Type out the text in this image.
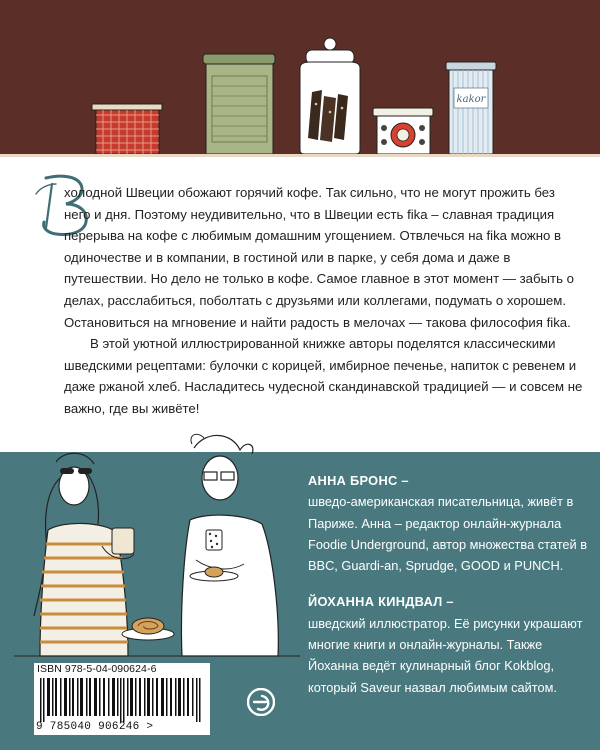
kakor

холодной Швеции обожают горячий кофе. Так сильно, что не могут прожить без него и дня. Поэтому неудивительно, что в Швеции есть fika – славная традиция перерыва на кофе с любимым домашним угощением. Отвлечься на fika можно в одиночестве и в компании, в гостиной или в парке, у себя дома и даже в путешествии. Но дело не только в кофе. Самое главное в этот момент — забыть о делах, расслабиться, поболтать с друзьями или коллегами, подумать о хорошем. Остановиться на мгновение и найти радость в мелочах — такова философия fika.

В этой уютной иллюстрированной книжке авторы поделятся классическими шведскими рецептами: булочки с корицей, имбирное печенье, напиток с ревенем и даже ржаной хлеб. Насладитесь чудесной скандинавской традицией — и совсем не важно, где вы живёте!

АННА БРОНС –

шведо-американская писательница, живёт в Париже. Анна – редактор онлайн-журнала Foodie Underground, автор множества статей в BBC, Guardi-an, Sprudge, GOOD и PUNCH.

ЙОХАННА КИНДВАЛ –

шведский иллюстратор. Её рисунки украшают многие книги и онлайн-журналы. Также Йоханна ведёт кулинарный блог Kokblog, который Saveur назвал любимым сайтом.

ISBN 978-5-04-090624-6
9 785040 906246 >
